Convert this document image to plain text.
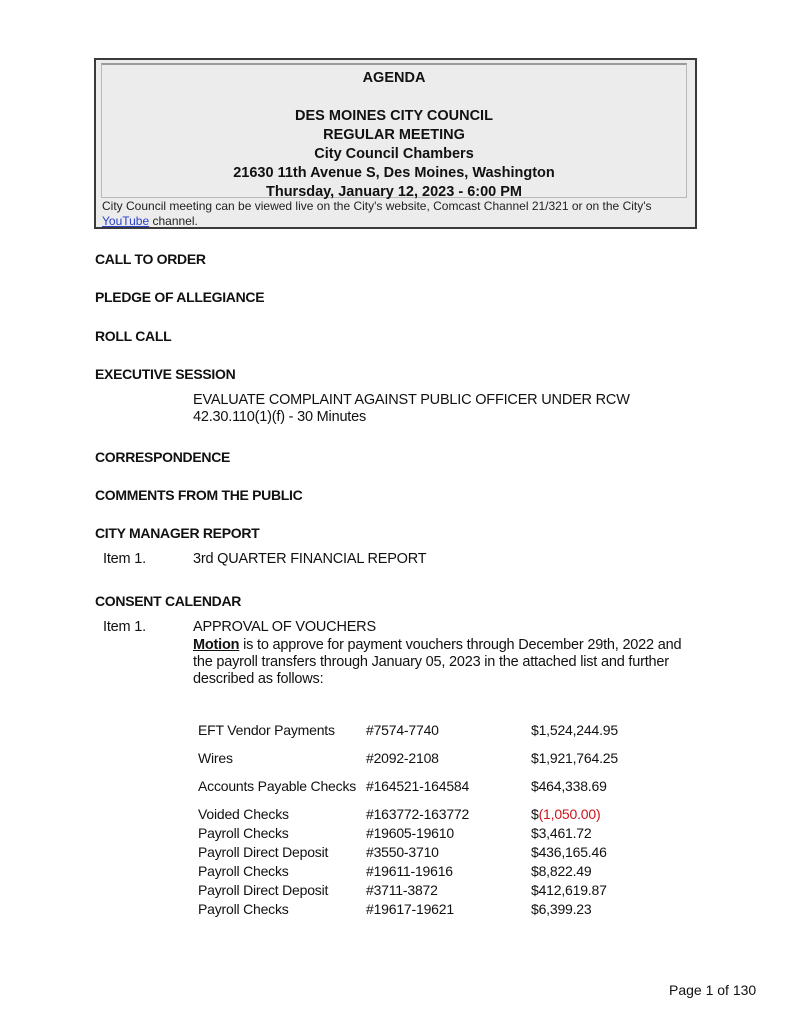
AGENDA
DES MOINES CITY COUNCIL
REGULAR MEETING
City Council Chambers
21630 11th Avenue S, Des Moines, Washington
Thursday, January 12, 2023 - 6:00 PM
City Council meeting can be viewed live on the City's website, Comcast Channel 21/321 or on the City's YouTube channel.
CALL TO ORDER
PLEDGE OF ALLEGIANCE
ROLL CALL
EXECUTIVE SESSION
EVALUATE COMPLAINT AGAINST PUBLIC OFFICER UNDER RCW 42.30.110(1)(f) - 30 Minutes
CORRESPONDENCE
COMMENTS FROM THE PUBLIC
CITY MANAGER REPORT
Item 1.	3rd QUARTER FINANCIAL REPORT
CONSENT CALENDAR
Item 1.	APPROVAL OF VOUCHERS
Motion is to approve for payment vouchers through December 29th, 2022 and the payroll transfers through January 05, 2023 in the attached list and further described as follows:
EFT Vendor Payments	#7574-7740	$1,524,244.95
Wires	#2092-2108	$1,921,764.25
Accounts Payable Checks	#164521-164584	$464,338.69
Voided Checks	#163772-163772	$(1,050.00)
Payroll Checks	#19605-19610	$3,461.72
Payroll Direct Deposit	#3550-3710	$436,165.46
Payroll Checks	#19611-19616	$8,822.49
Payroll Direct Deposit	#3711-3872	$412,619.87
Payroll Checks	#19617-19621	$6,399.23
Page 1 of 130
